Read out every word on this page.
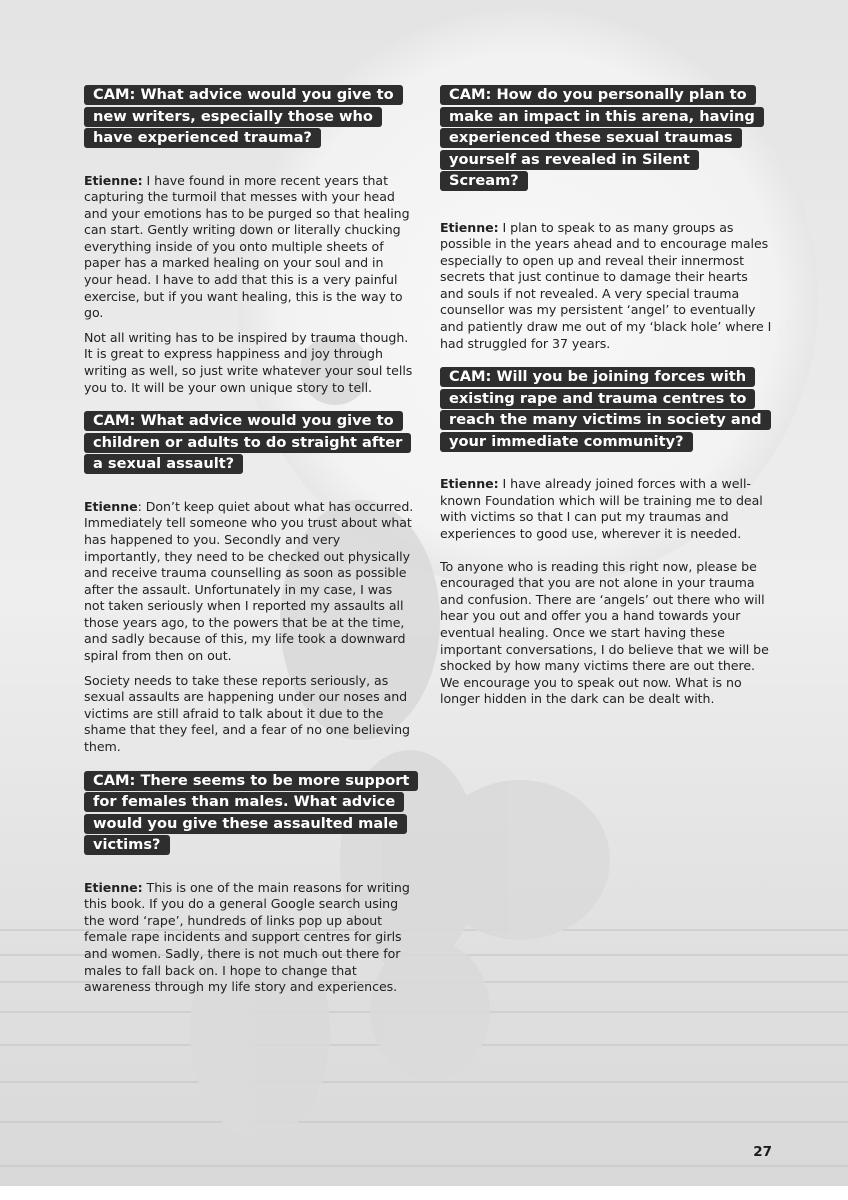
CAM: What advice would you give to new writers, especially those who have experienced trauma?

Etienne: I have found in more recent years that capturing the turmoil that messes with your head and your emotions has to be purged so that healing can start. Gently writing down or literally chucking everything inside of you onto multiple sheets of paper has a marked healing on your soul and in your head. I have to add that this is a very painful exercise, but if you want healing, this is the way to go.

Not all writing has to be inspired by trauma though. It is great to express happiness and joy through writing as well, so just write whatever your soul tells you to. It will be your own unique story to tell.

CAM: What advice would you give to children or adults to do straight after a sexual assault?

Etienne: Don’t keep quiet about what has occurred. Immediately tell someone who you trust about what has happened to you. Secondly and very importantly, they need to be checked out physically and receive trauma counselling as soon as possible after the assault. Unfortunately in my case, I was not taken seriously when I reported my assaults all those years ago, to the powers that be at the time, and sadly because of this, my life took a downward spiral from then on out.

Society needs to take these reports seriously, as sexual assaults are happening under our noses and victims are still afraid to talk about it due to the shame that they feel, and a fear of no one believing them.

CAM: There seems to be more support for females than males. What advice would you give these assaulted male victims?

Etienne: This is one of the main reasons for writing this book. If you do a general Google search using the word ‘rape’, hundreds of links pop up about female rape incidents and support centres for girls and women. Sadly, there is not much out there for males to fall back on. I hope to change that awareness through my life story and experiences.

CAM: How do you personally plan to make an impact in this arena, having experienced these sexual traumas yourself as revealed in Silent Scream?

Etienne: I plan to speak to as many groups as possible in the years ahead and to encourage males especially to open up and reveal their innermost secrets that just continue to damage their hearts and souls if not revealed. A very special trauma counsellor was my persistent ‘angel’ to eventually and patiently draw me out of my ‘black hole’ where I had struggled for 37 years.

CAM: Will you be joining forces with existing rape and trauma centres to reach the many victims in society and your immediate community?

Etienne: I have already joined forces with a well-known Foundation which will be training me to deal with victims so that I can put my traumas and experiences to good use, wherever it is needed.

To anyone who is reading this right now, please be encouraged that you are not alone in your trauma and confusion. There are ‘angels’ out there who will hear you out and offer you a hand towards your eventual healing. Once we start having these important conversations, I do believe that we will be shocked by how many victims there are out there. We encourage you to speak out now. What is no longer hidden in the dark can be dealt with.

27
